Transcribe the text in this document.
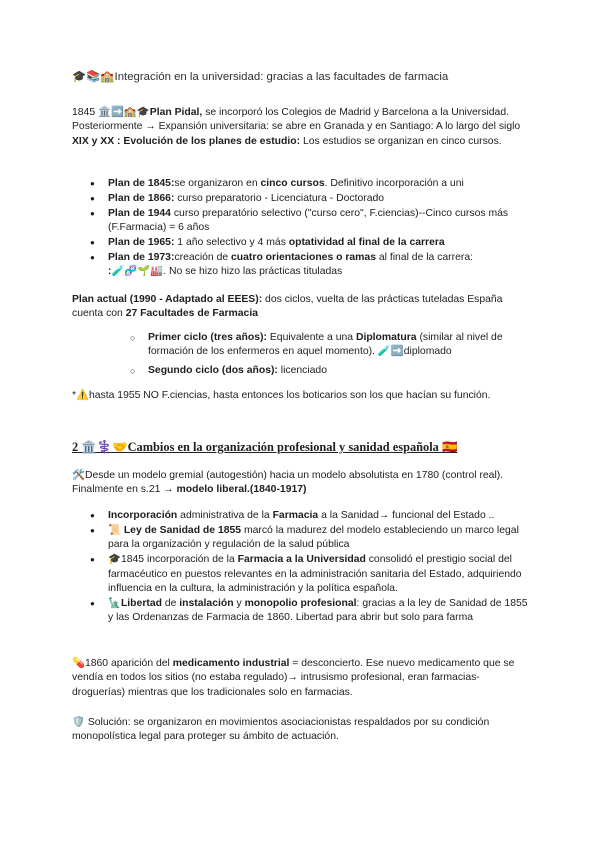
🎓📚🏫Integración en la universidad: gracias a las facultades de farmacia
1845 🏛️➡️🏫🎓Plan Pidal, se incorporó los Colegios de Madrid y Barcelona a la Universidad. Posteriormente → Expansión universitaria: se abre en Granada y en Santiago: A lo largo del siglo XIX y XX : Evolución de los planes de estudio: Los estudios se organizan en cinco cursos.
● Plan de 1845:se organizaron en cinco cursos. Definitivo incorporación a uni
● Plan de 1866: curso preparatorio - Licenciatura - Doctorado
● Plan de 1944 curso preparatório selectivo ("curso cero", F.ciencias)--Cinco cursos más (F.Farmacia) = 6 años
● Plan de 1965: 1 año selectivo y 4 más optatividad al final de la carrera
● Plan de 1973:creación de cuatro orientaciones o ramas al final de la carrera:
:🧪🧬🌱🏭. No se hizo hizo las prácticas tituladas
Plan actual (1990 - Adaptado al EEES): dos ciclos, vuelta de las prácticas tuteladas España cuenta con 27 Facultades de Farmacia
○ Primer ciclo (tres años): Equivalente a una Diplomatura (similar al nivel de formación de los enfermeros en aquel momento). 🧪➡️diplomado
○ Segundo ciclo (dos años): licenciado
*⚠️hasta 1955 NO F.ciencias, hasta entonces los boticarios son los que hacían su función.
2 🏛️⚕️🤝Cambios en la organización profesional y sanidad española 🇪🇸
🛠️Desde un modelo gremial (autogestión) hacia un modelo absolutista en 1780 (control real). Finalmente en s.21 → modelo liberal.(1840-1917)
● Incorporación administrativa de la Farmacia a la Sanidad→ funcional del Estado ..
● 📜 Ley de Sanidad de 1855 marcó la madurez del modelo estableciendo un marco legal para la organización y regulación de la salud pública
● 🎓1845 incorporación de la Farmacia a la Universidad consolidó el prestigio social del farmacéutico en puestos relevantes en la administración sanitaria del Estado, adquiriendo influencia en la cultura, la administración y la política española.
● 🗽Libertad de instalación y monopolio profesional: gracias a la ley de Sanidad de 1855 y las Ordenanzas de Farmacia de 1860. Libertad para abrir but solo para farma
💊1860 aparición del medicamento industrial = desconcierto. Ese nuevo medicamento que se vendía en todos los sitios (no estaba regulado)→ intrusismo profesional, eran farmacias-droguerías) mientras que los tradicionales solo en farmacias.
🛡️ Solución: se organizaron en movimientos asociacionistas respaldados por su condición monopolística legal para proteger su ámbito de actuación.
